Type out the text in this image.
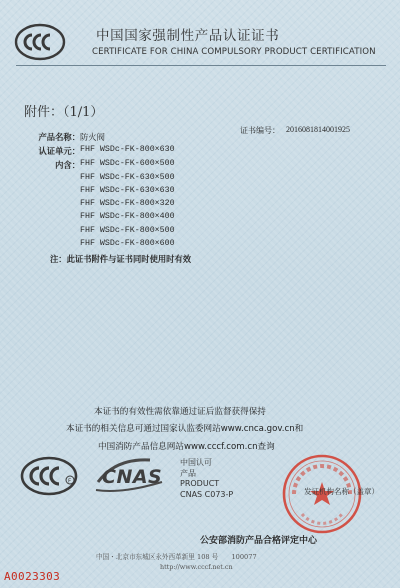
中国国家强制性产品认证证书
CERTIFICATE FOR CHINA COMPULSORY PRODUCT CERTIFICATION
附件：（1/1）
证书编号： 2016081814001925
产品名称： 防火阀
认证单元： FHF WSDc-FK-800×630
内含： FHF WSDc-FK-600×500
FHF WSDc-FK-630×500
FHF WSDc-FK-630×630
FHF WSDc-FK-800×320
FHF WSDc-FK-800×400
FHF WSDc-FK-800×500
FHF WSDc-FK-800×600
注：此证书附件与证书同时使用时有效
本证书的有效性需依靠通过证后监督获得保持
本证书的相关信息可通过国家认监委网站www.cnca.gov.cn和
中国消防产品信息网站www.cccf.com.cn查询
F CNAS
中国认可
产品
PRODUCT
CNAS C073-P	发证机构名称（盖章）
公安部消防产品合格评定中心
中国・北京市东城区永外西革新里 108 号　　100077
http://www.cccf.net.cn
A0023303
